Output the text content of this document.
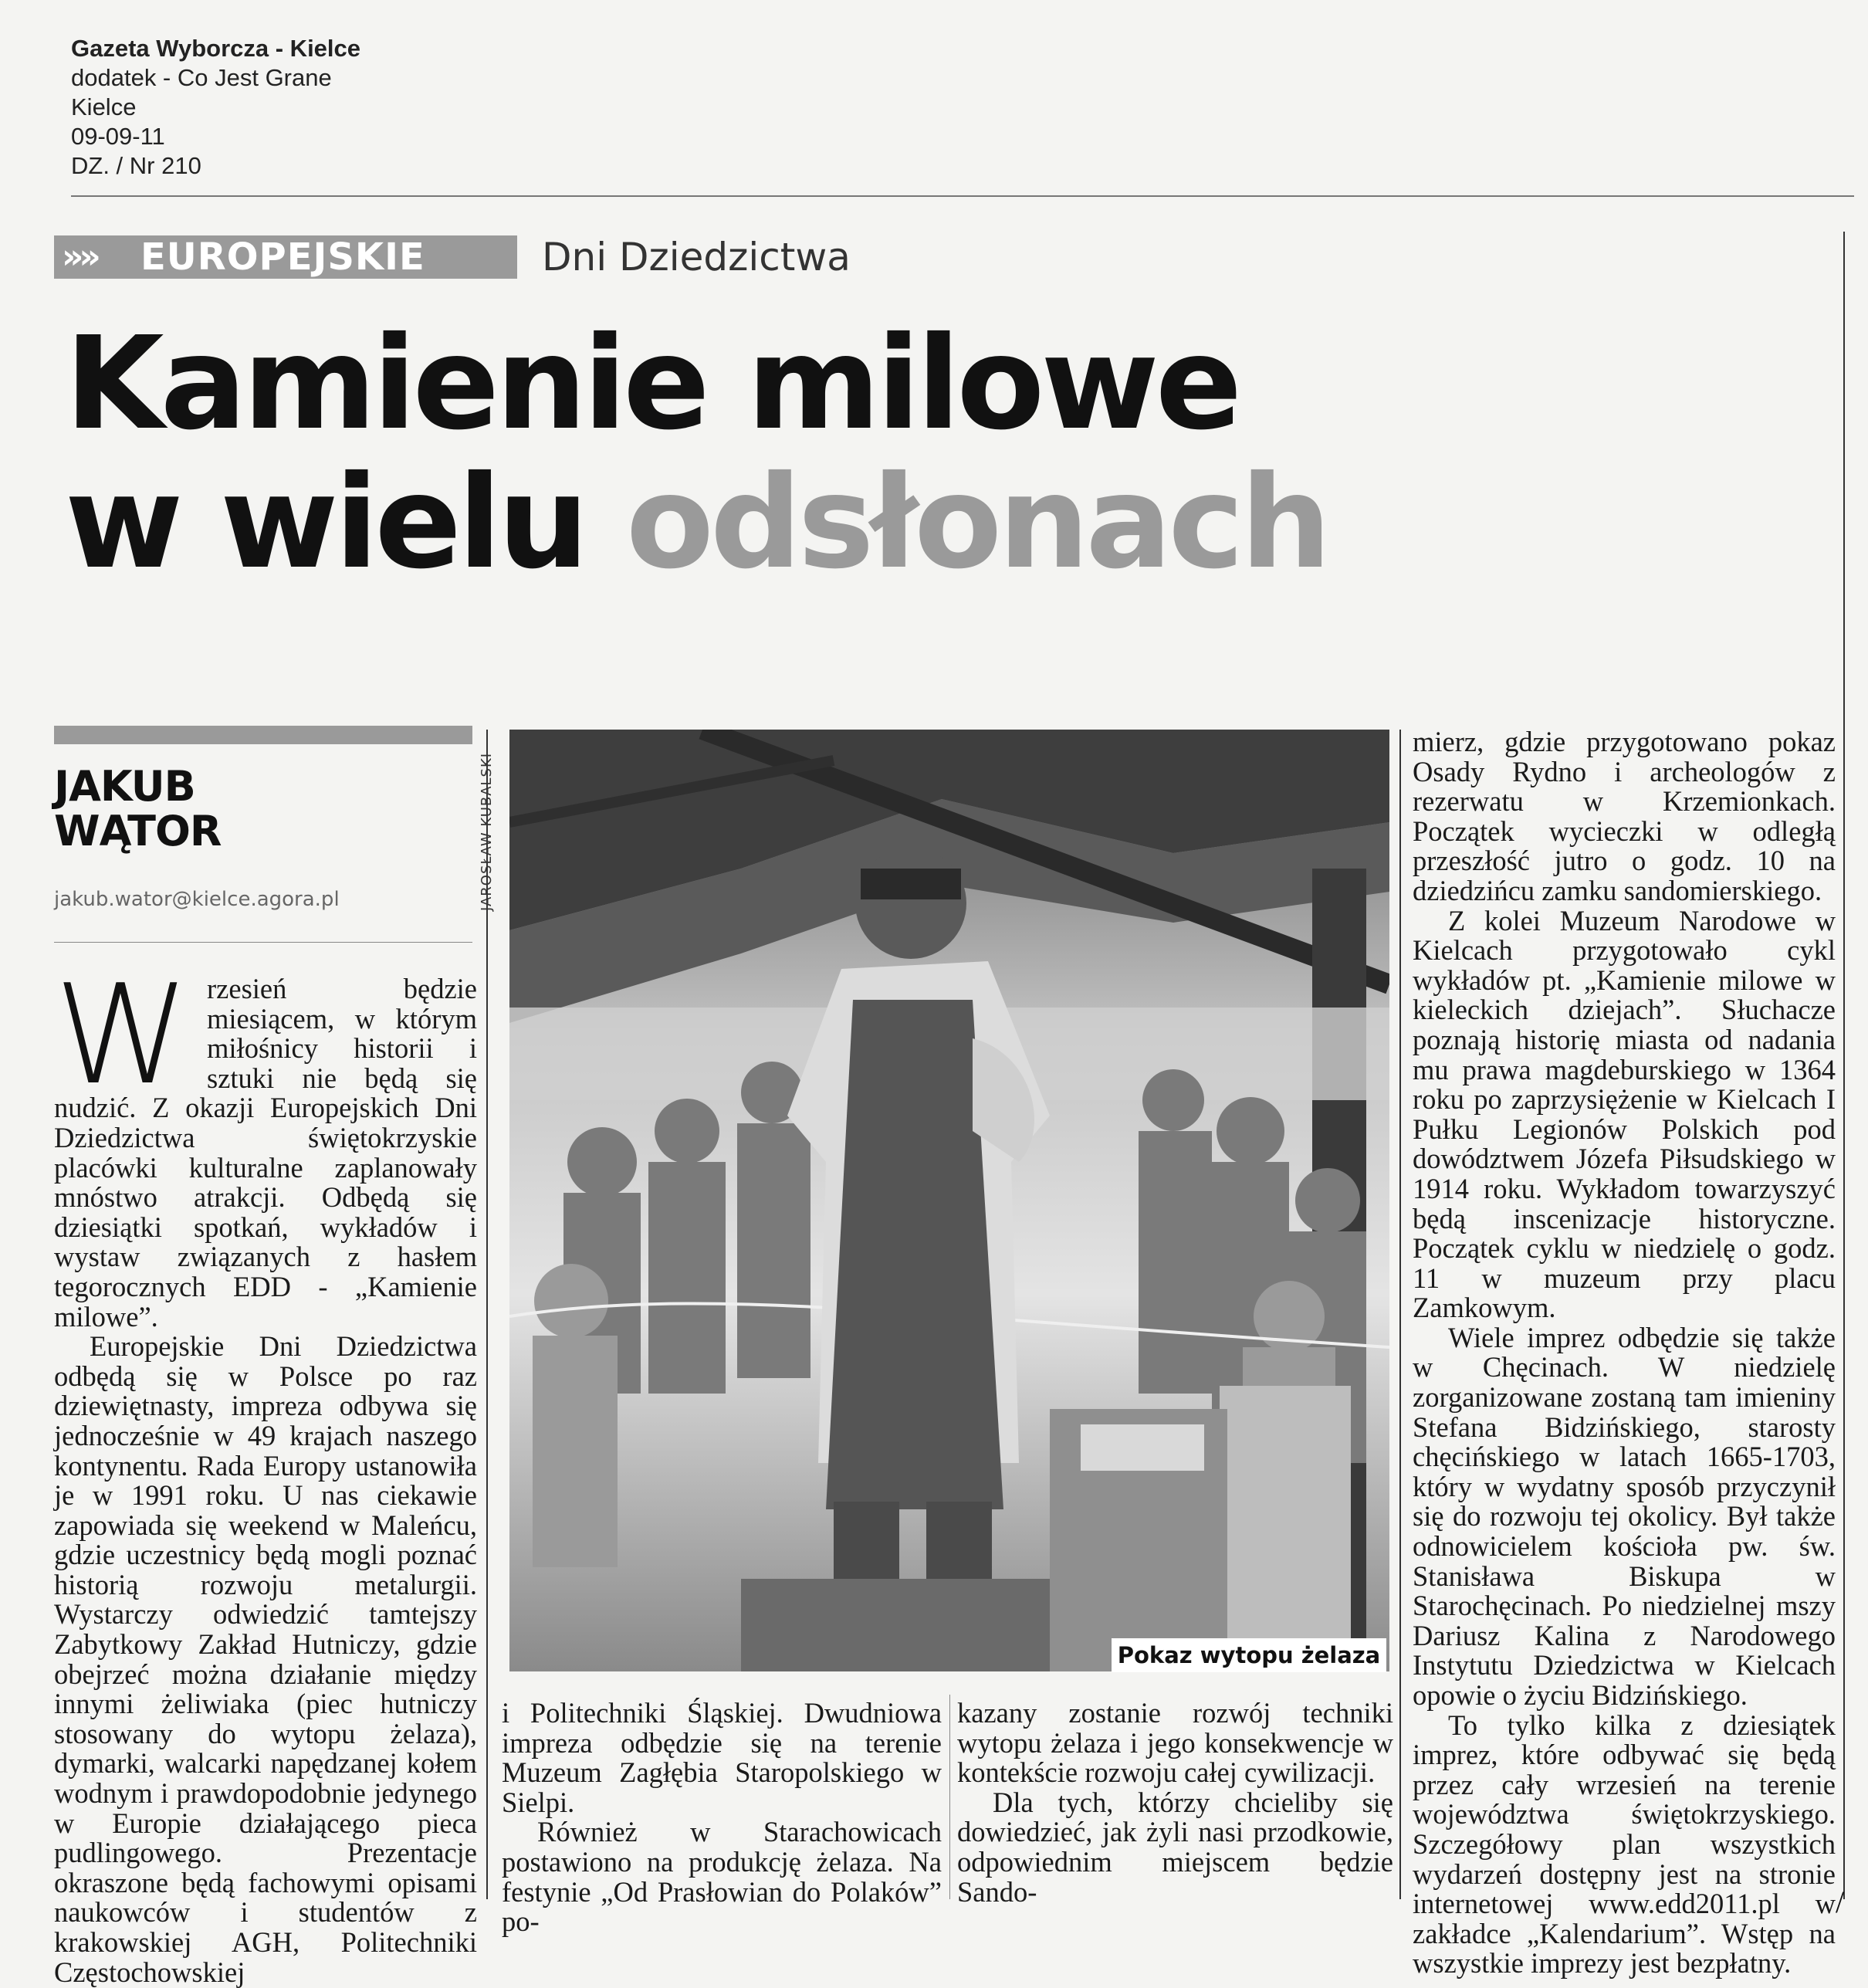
Gazeta Wyborcza - Kielce
dodatek - Co Jest Grane
Kielce
09-09-11
DZ. / Nr 210
»» EUROPEJSKIE	Dni Dziedzictwa
Kamienie milowe
w wielu odsłonach
JAKUB
WĄTOR
jakub.wator@kielce.agora.pl	JAROSŁAW KUBALSKI
Pokaz wytopu żelaza
W rzesień będzie miesiącem, w którym miłośnicy historii i sztuki nie będą się nudzić. Z okazji Europejskich Dni Dziedzictwa świętokrzyskie placówki kulturalne zaplanowały mnóstwo atrakcji. Odbędą się dziesiątki spotkań, wykładów i wystaw związanych z hasłem tegorocznych EDD - „Kamienie milowe”.

Europejskie Dni Dziedzictwa odbędą się w Polsce po raz dziewiętnasty, impreza odbywa się jednocześnie w 49 krajach naszego kontynentu. Rada Europy ustanowiła je w 1991 roku. U nas ciekawie zapowiada się weekend w Maleńcu, gdzie uczestnicy będą mogli poznać historią rozwoju metalurgii. Wystarczy odwiedzić tamtejszy Zabytkowy Zakład Hutniczy, gdzie obejrzeć można działanie między innymi żeliwiaka (piec hutniczy stosowany do wytopu żelaza), dymarki, walcarki napędzanej kołem wodnym i prawdopodobnie jedynego w Europie działającego pieca pudlingowego. Prezentacje okraszone będą fachowymi opisami naukowców i studentów z krakowskiej AGH, Politechniki Częstochowskiej

i Politechniki Śląskiej. Dwudniowa impreza odbędzie się na terenie Muzeum Zagłębia Staropolskiego w Sielpi.

Również w Starachowicach postawiono na produkcję żelaza. Na festynie „Od Prasłowian do Polaków” po-

kazany zostanie rozwój techniki wytopu żelaza i jego konsekwencje w kontekście rozwoju całej cywilizacji.

Dla tych, którzy chcieliby się dowiedzieć, jak żyli nasi przodkowie, odpowiednim miejscem będzie Sando-

mierz, gdzie przygotowano pokaz Osady Rydno i archeologów z rezerwatu w Krzemionkach. Początek wycieczki w odległą przeszłość jutro o godz. 10 na dziedzińcu zamku sandomierskiego.

Z kolei Muzeum Narodowe w Kielcach przygotowało cykl wykładów pt. „Kamienie milowe w kieleckich dziejach”. Słuchacze poznają historię miasta od nadania mu prawa magdeburskiego w 1364 roku po zaprzysiężenie w Kielcach I Pułku Legionów Polskich pod dowództwem Józefa Piłsudskiego w 1914 roku. Wykładom towarzyszyć będą inscenizacje historyczne. Początek cyklu w niedzielę o godz. 11 w muzeum przy placu Zamkowym.

Wiele imprez odbędzie się także w Chęcinach. W niedzielę zorganizowane zostaną tam imieniny Stefana Bidzińskiego, starosty chęcińskiego w latach 1665-1703, który w wydatny sposób przyczynił się do rozwoju tej okolicy. Był także odnowicielem kościoła pw. św. Stanisława Biskupa w Starochęcinach. Po niedzielnej mszy Dariusz Kalina z Narodowego Instytutu Dziedzictwa w Kielcach opowie o życiu Bidzińskiego.

To tylko kilka z dziesiątek imprez, które odbywać się będą przez cały wrzesień na terenie województwa świętokrzyskiego. Szczegółowy plan wszystkich wydarzeń dostępny jest na stronie internetowej www.edd2011.pl w zakładce „Kalendarium”. Wstęp na wszystkie imprezy jest bezpłatny.

/
